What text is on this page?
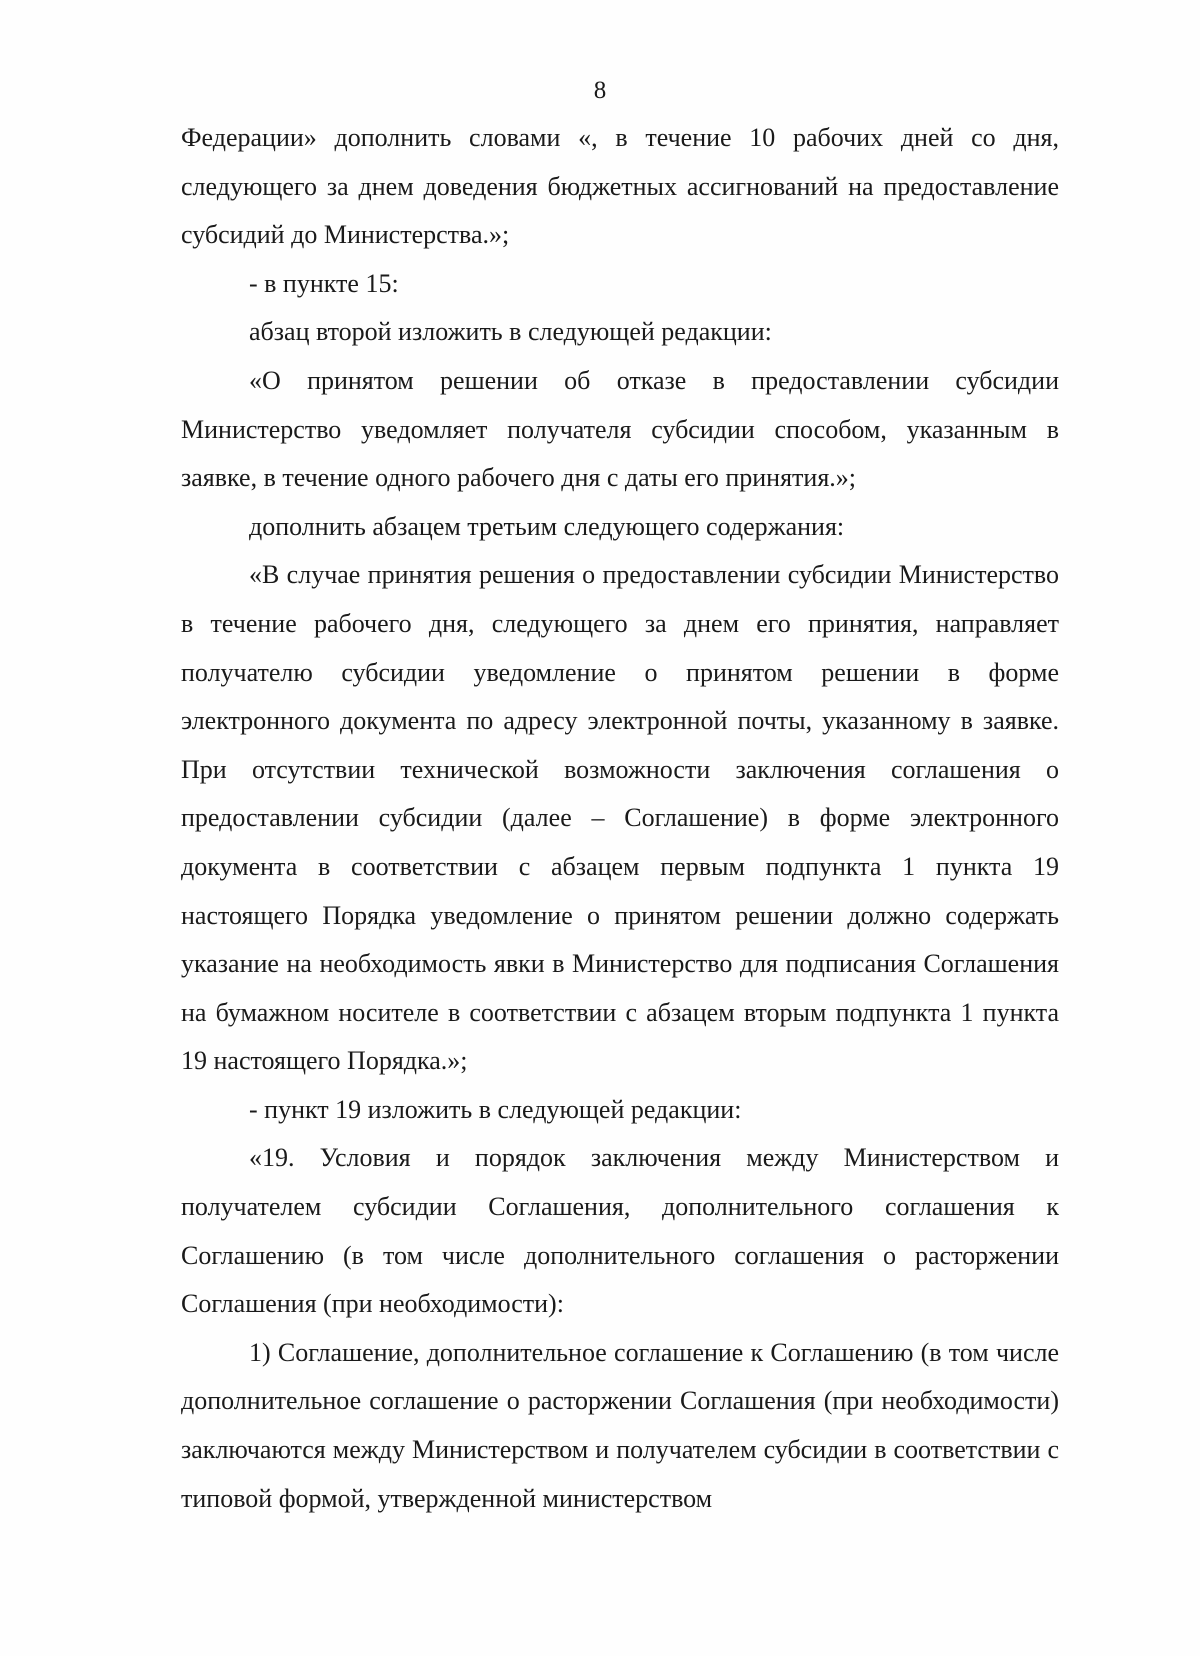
8

Федерации» дополнить словами «, в течение 10 рабочих дней со дня, следующего за днем доведения бюджетных ассигнований на предоставление субсидий до Министерства.»;

- в пункте 15:

абзац второй изложить в следующей редакции:

«О принятом решении об отказе в предоставлении субсидии Министерство уведомляет получателя субсидии способом, указанным в заявке, в течение одного рабочего дня с даты его принятия.»;

дополнить абзацем третьим следующего содержания:

«В случае принятия решения о предоставлении субсидии Министерство в течение рабочего дня, следующего за днем его принятия, направляет получателю субсидии уведомление о принятом решении в форме электронного документа по адресу электронной почты, указанному в заявке. При отсутствии технической возможности заключения соглашения о предоставлении субсидии (далее – Соглашение) в форме электронного документа в соответствии с абзацем первым подпункта 1 пункта 19 настоящего Порядка уведомление о принятом решении должно содержать указание на необходимость явки в Министерство для подписания Соглашения на бумажном носителе в соответствии с абзацем вторым подпункта 1 пункта 19 настоящего Порядка.»;

- пункт 19 изложить в следующей редакции:

«19. Условия и порядок заключения между Министерством и получателем субсидии Соглашения, дополнительного соглашения к Соглашению (в том числе дополнительного соглашения о расторжении Соглашения (при необходимости):

1) Соглашение, дополнительное соглашение к Соглашению (в том числе дополнительное соглашение о расторжении Соглашения (при необходимости) заключаются между Министерством и получателем субсидии в соответствии с типовой формой, утвержденной министерством
